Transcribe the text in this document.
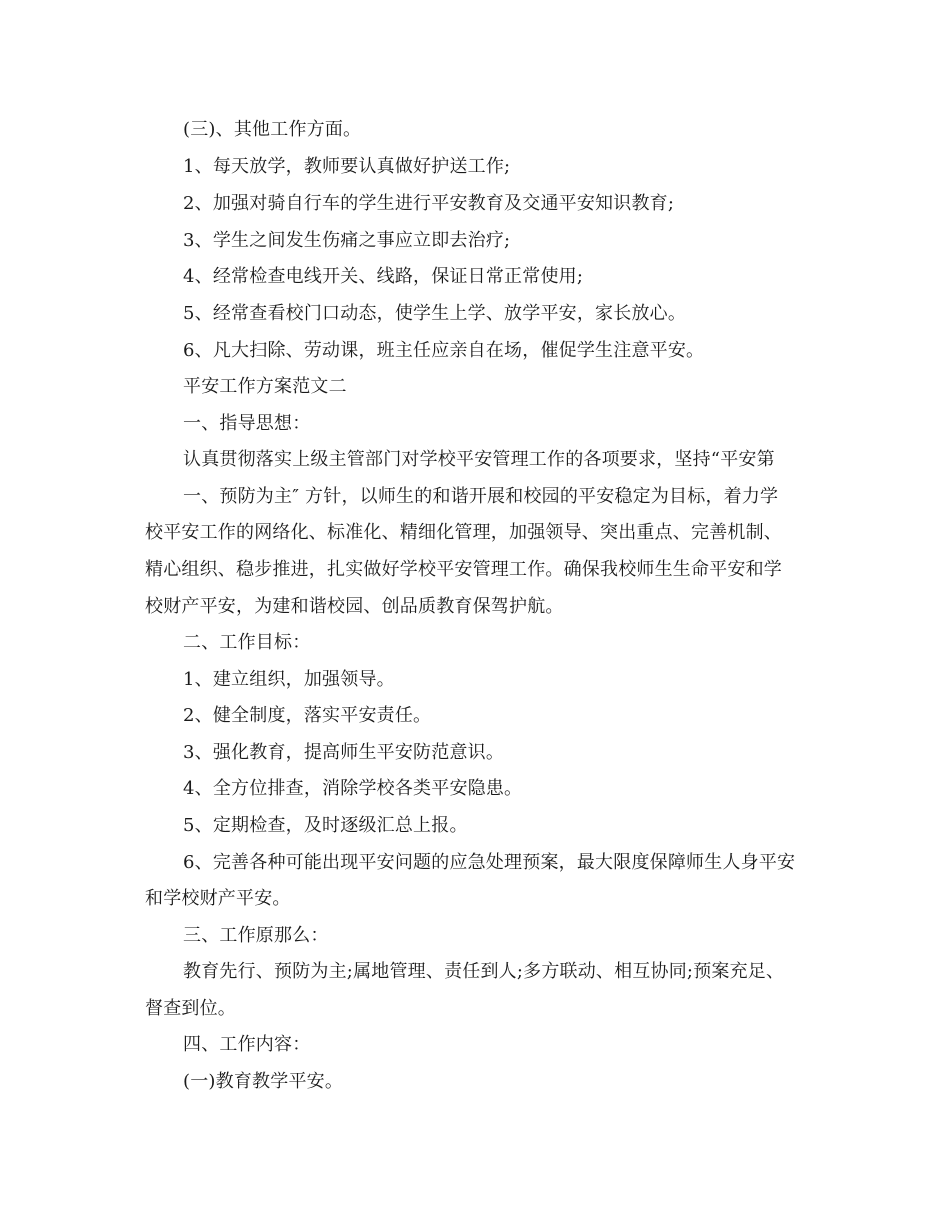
(三)、其他工作方面。
1、每天放学，教师要认真做好护送工作;
2、加强对骑自行车的学生进行平安教育及交通平安知识教育;
3、学生之间发生伤痛之事应立即去治疗;
4、经常检查电线开关、线路，保证日常正常使用;
5、经常查看校门口动态，使学生上学、放学平安，家长放心。
6、凡大扫除、劳动课，班主任应亲自在场，催促学生注意平安。
平安工作方案范文二
一、指导思想：
认真贯彻落实上级主管部门对学校平安管理工作的各项要求，坚持“平安第
一、预防为主″ 方针，以师生的和谐开展和校园的平安稳定为目标，着力学
校平安工作的网络化、标准化、精细化管理，加强领导、突出重点、完善机制、
精心组织、稳步推进，扎实做好学校平安管理工作。确保我校师生生命平安和学
校财产平安，为建和谐校园、创品质教育保驾护航。
二、工作目标：
1、建立组织，加强领导。
2、健全制度，落实平安责任。
3、强化教育，提高师生平安防范意识。
4、全方位排查，消除学校各类平安隐患。
5、定期检查，及时逐级汇总上报。
6、完善各种可能出现平安问题的应急处理预案，最大限度保障师生人身平安
和学校财产平安。
三、工作原那么：
教育先行、预防为主;属地管理、责任到人;多方联动、相互协同;预案充足、
督查到位。
四、工作内容：
(一)教育教学平安。
